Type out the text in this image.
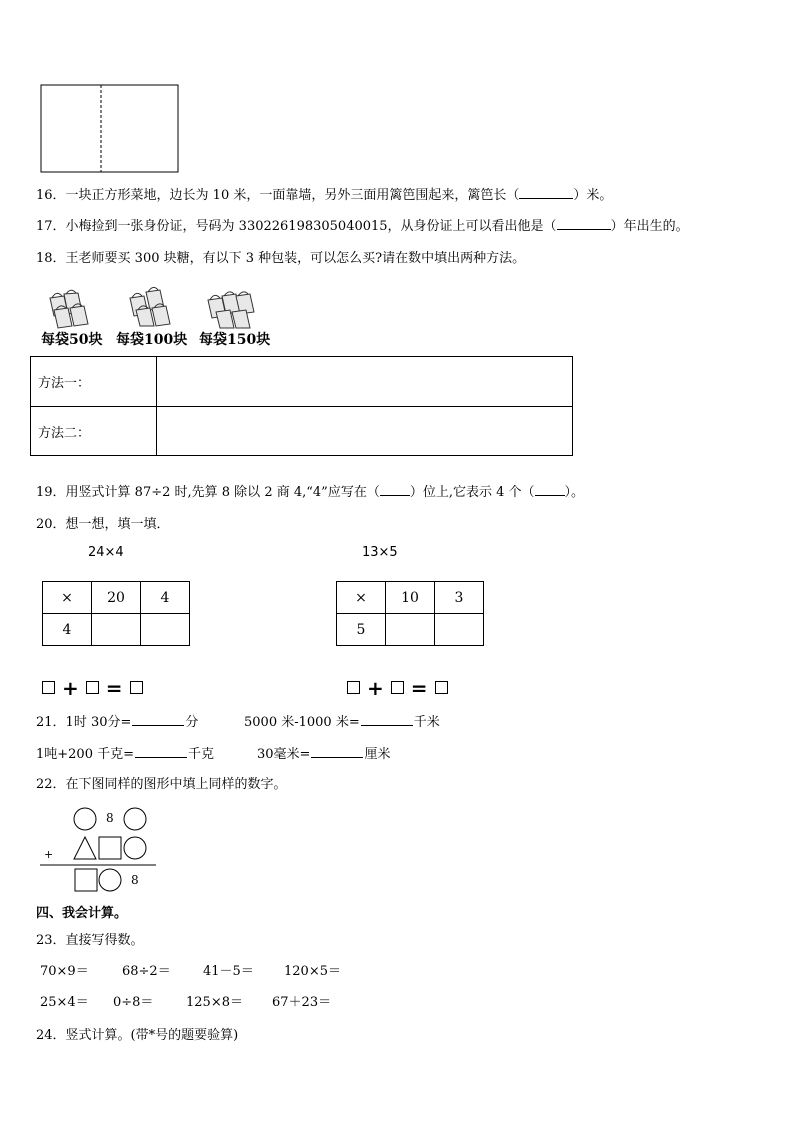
16．一块正方形菜地，边长为 10 米，一面靠墙，另外三面用篱笆围起来，篱笆长（	）米。
17．小梅捡到一张身份证，号码为 330226198305040015，从身份证上可以看出他是（	）年出生的。
18．王老师要买 300 块糖，有以下 3 种包装，可以怎么买?请在数中填出两种方法。
每袋50块 每袋100块 每袋150块
方法一：	
方法二：	
19．用竖式计算 87÷2 时,先算 8 除以 2 商 4,“4”应写在（ ）位上,它表示 4 个（ ）。
20．想一想，填一填．
24×4	13×5
×	20	4
4		
×	10	3
5		
+ =	+ =
21．1时 30分=	分	5000 米-1000 米=	千米
1吨+200 千克=	千克	30毫米=	厘米
22．在下图同样的图形中填上同样的数字。
8
+
8
四、我会计算。
23．直接写得数。
70×9＝	68÷2＝ 41－5＝ 120×5＝
25×4＝ 0÷8＝	125×8＝ 67＋23＝
24．竖式计算。(带*号的题要验算)
